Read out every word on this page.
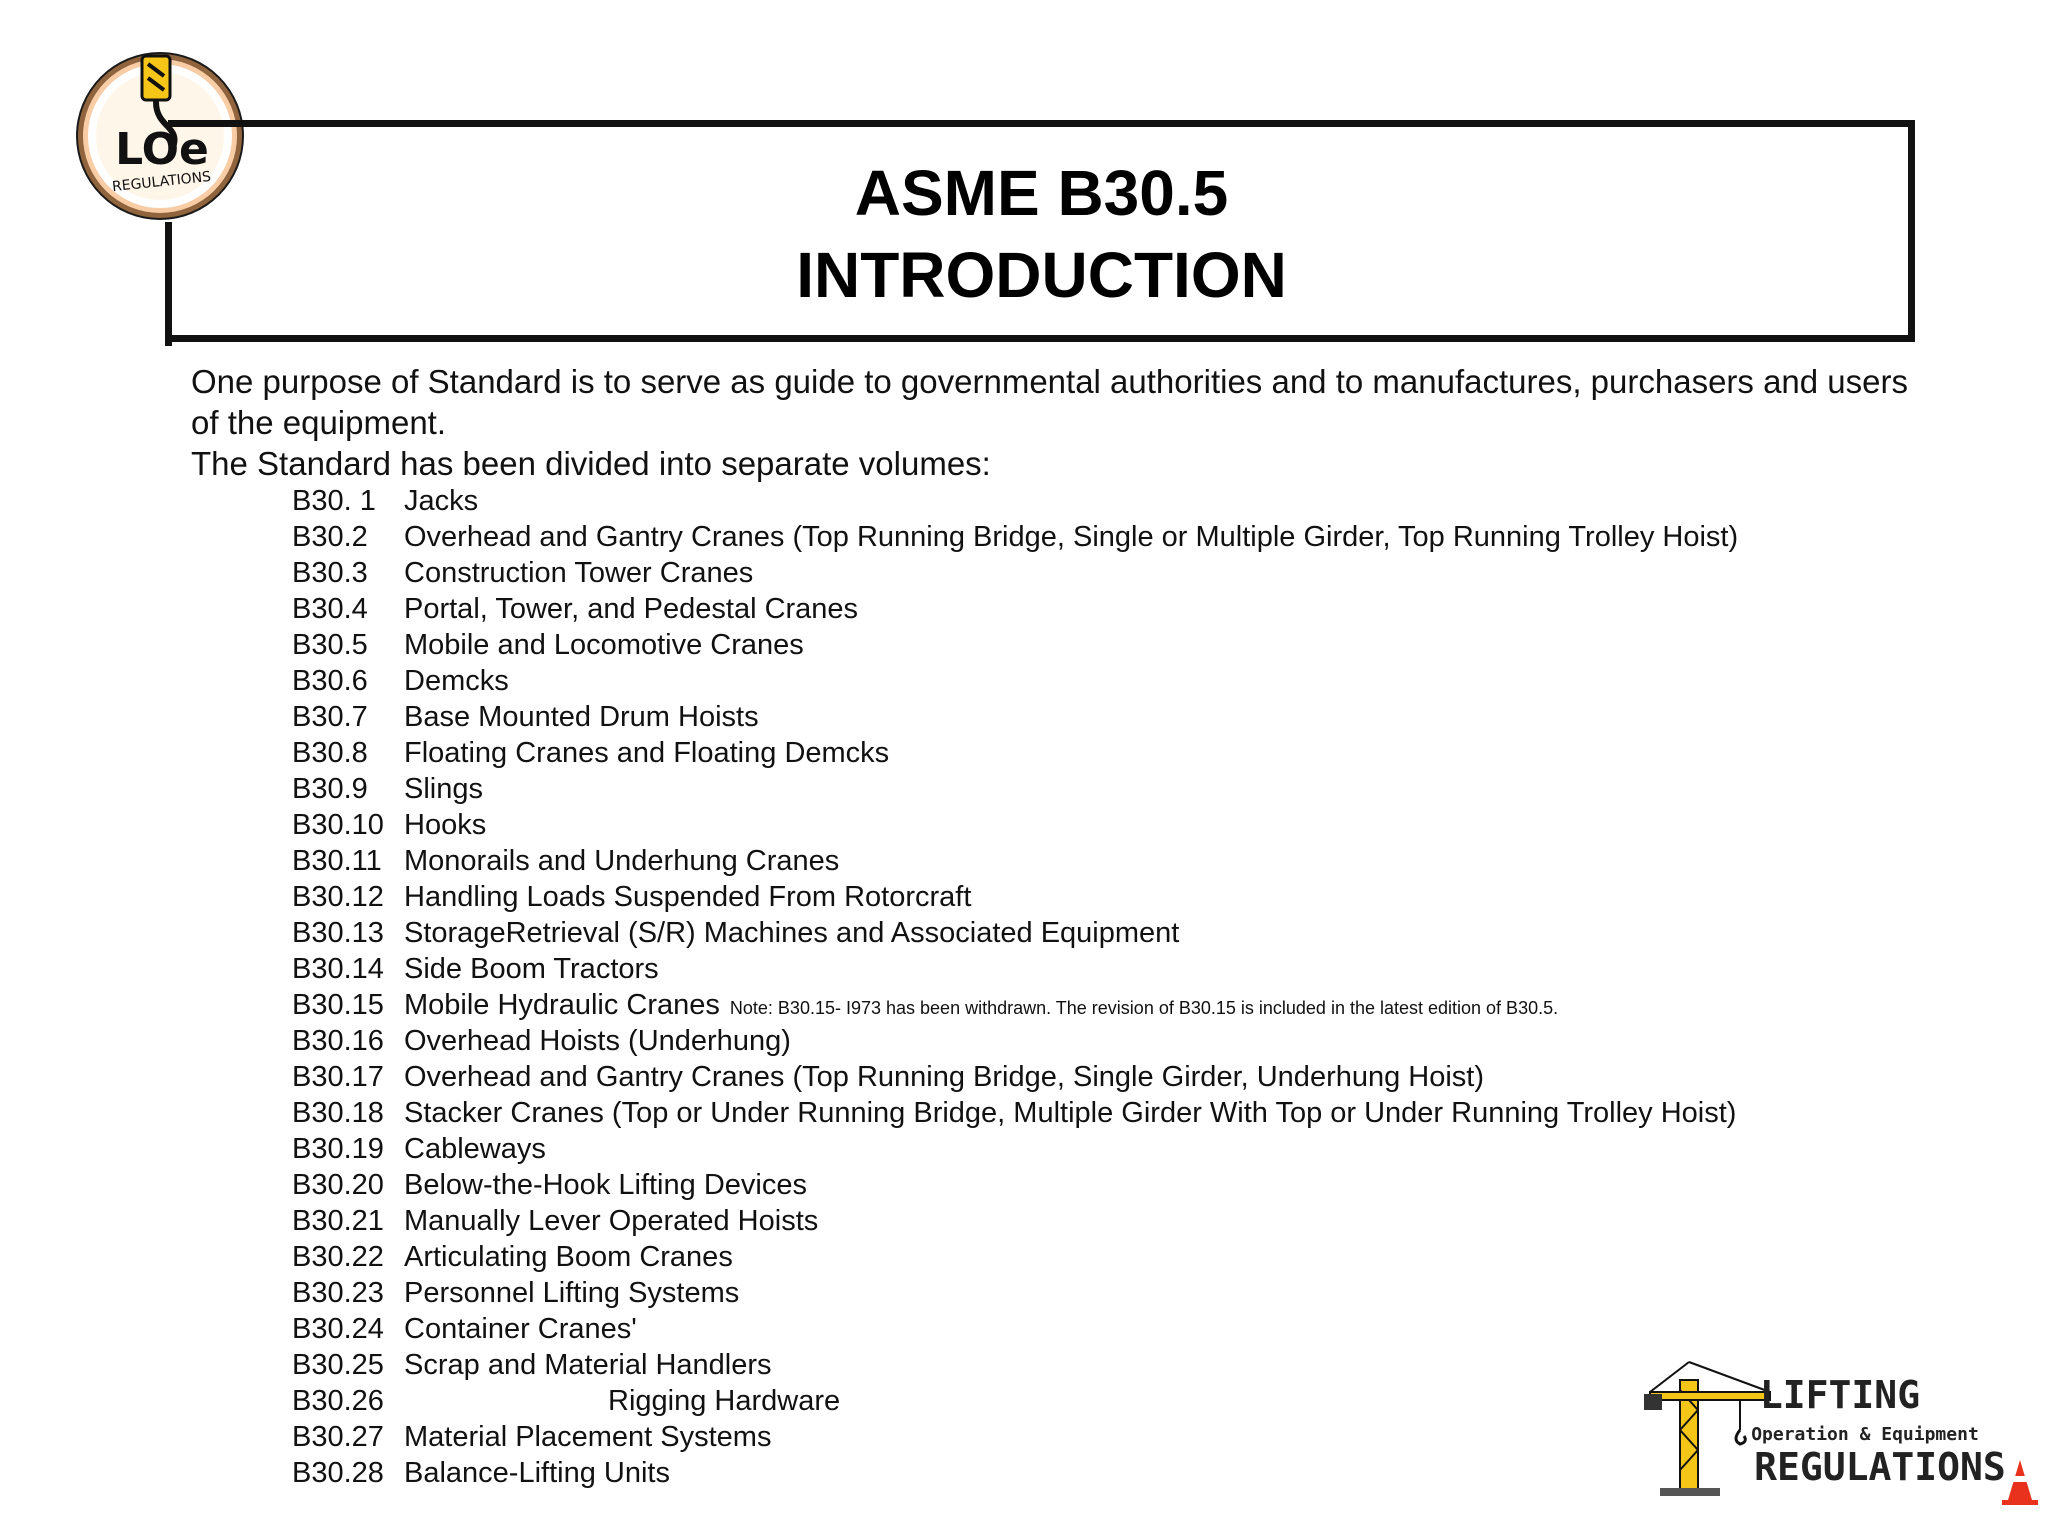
LOe
REGULATIONS	ASME B30.5
INTRODUCTION
One purpose of Standard is to serve as guide to governmental authorities and to manufactures, purchasers and users of the equipment.
The Standard has been divided into separate volumes:
B30. 1 Jacks
B30.2 Overhead and Gantry Cranes (Top Running Bridge, Single or Multiple Girder, Top Running Trolley Hoist)
B30.3 Construction Tower Cranes
B30.4 Portal, Tower, and Pedestal Cranes
B30.5 Mobile and Locomotive Cranes
B30.6 Demcks
B30.7 Base Mounted Drum Hoists
B30.8 Floating Cranes and Floating Demcks
B30.9 Slings
B30.10 Hooks
B30.11 Monorails and Underhung Cranes
B30.12 Handling Loads Suspended From Rotorcraft
B30.13 StorageRetrieval (S/R) Machines and Associated Equipment
B30.14 Side Boom Tractors
B30.15 Mobile Hydraulic Cranes Note: B30.15- I973 has been withdrawn. The revision of B30.15 is included in the latest edition of B30.5.
B30.16 Overhead Hoists (Underhung)
B30.17 Overhead and Gantry Cranes (Top Running Bridge, Single Girder, Underhung Hoist)
B30.18 Stacker Cranes (Top or Under Running Bridge, Multiple Girder With Top or Under Running Trolley Hoist)
B30.19 Cableways
B30.20 Below-the-Hook Lifting Devices
B30.21 Manually Lever Operated Hoists
B30.22 Articulating Boom Cranes
B30.23 Personnel Lifting Systems
B30.24 Container Cranes'
B30.25 Scrap and Material Handlers
B30.26	Rigging Hardware
B30.27 Material Placement Systems
B30.28 Balance-Lifting Units
LIFTING
Operation & Equipment
REGULATIONS
